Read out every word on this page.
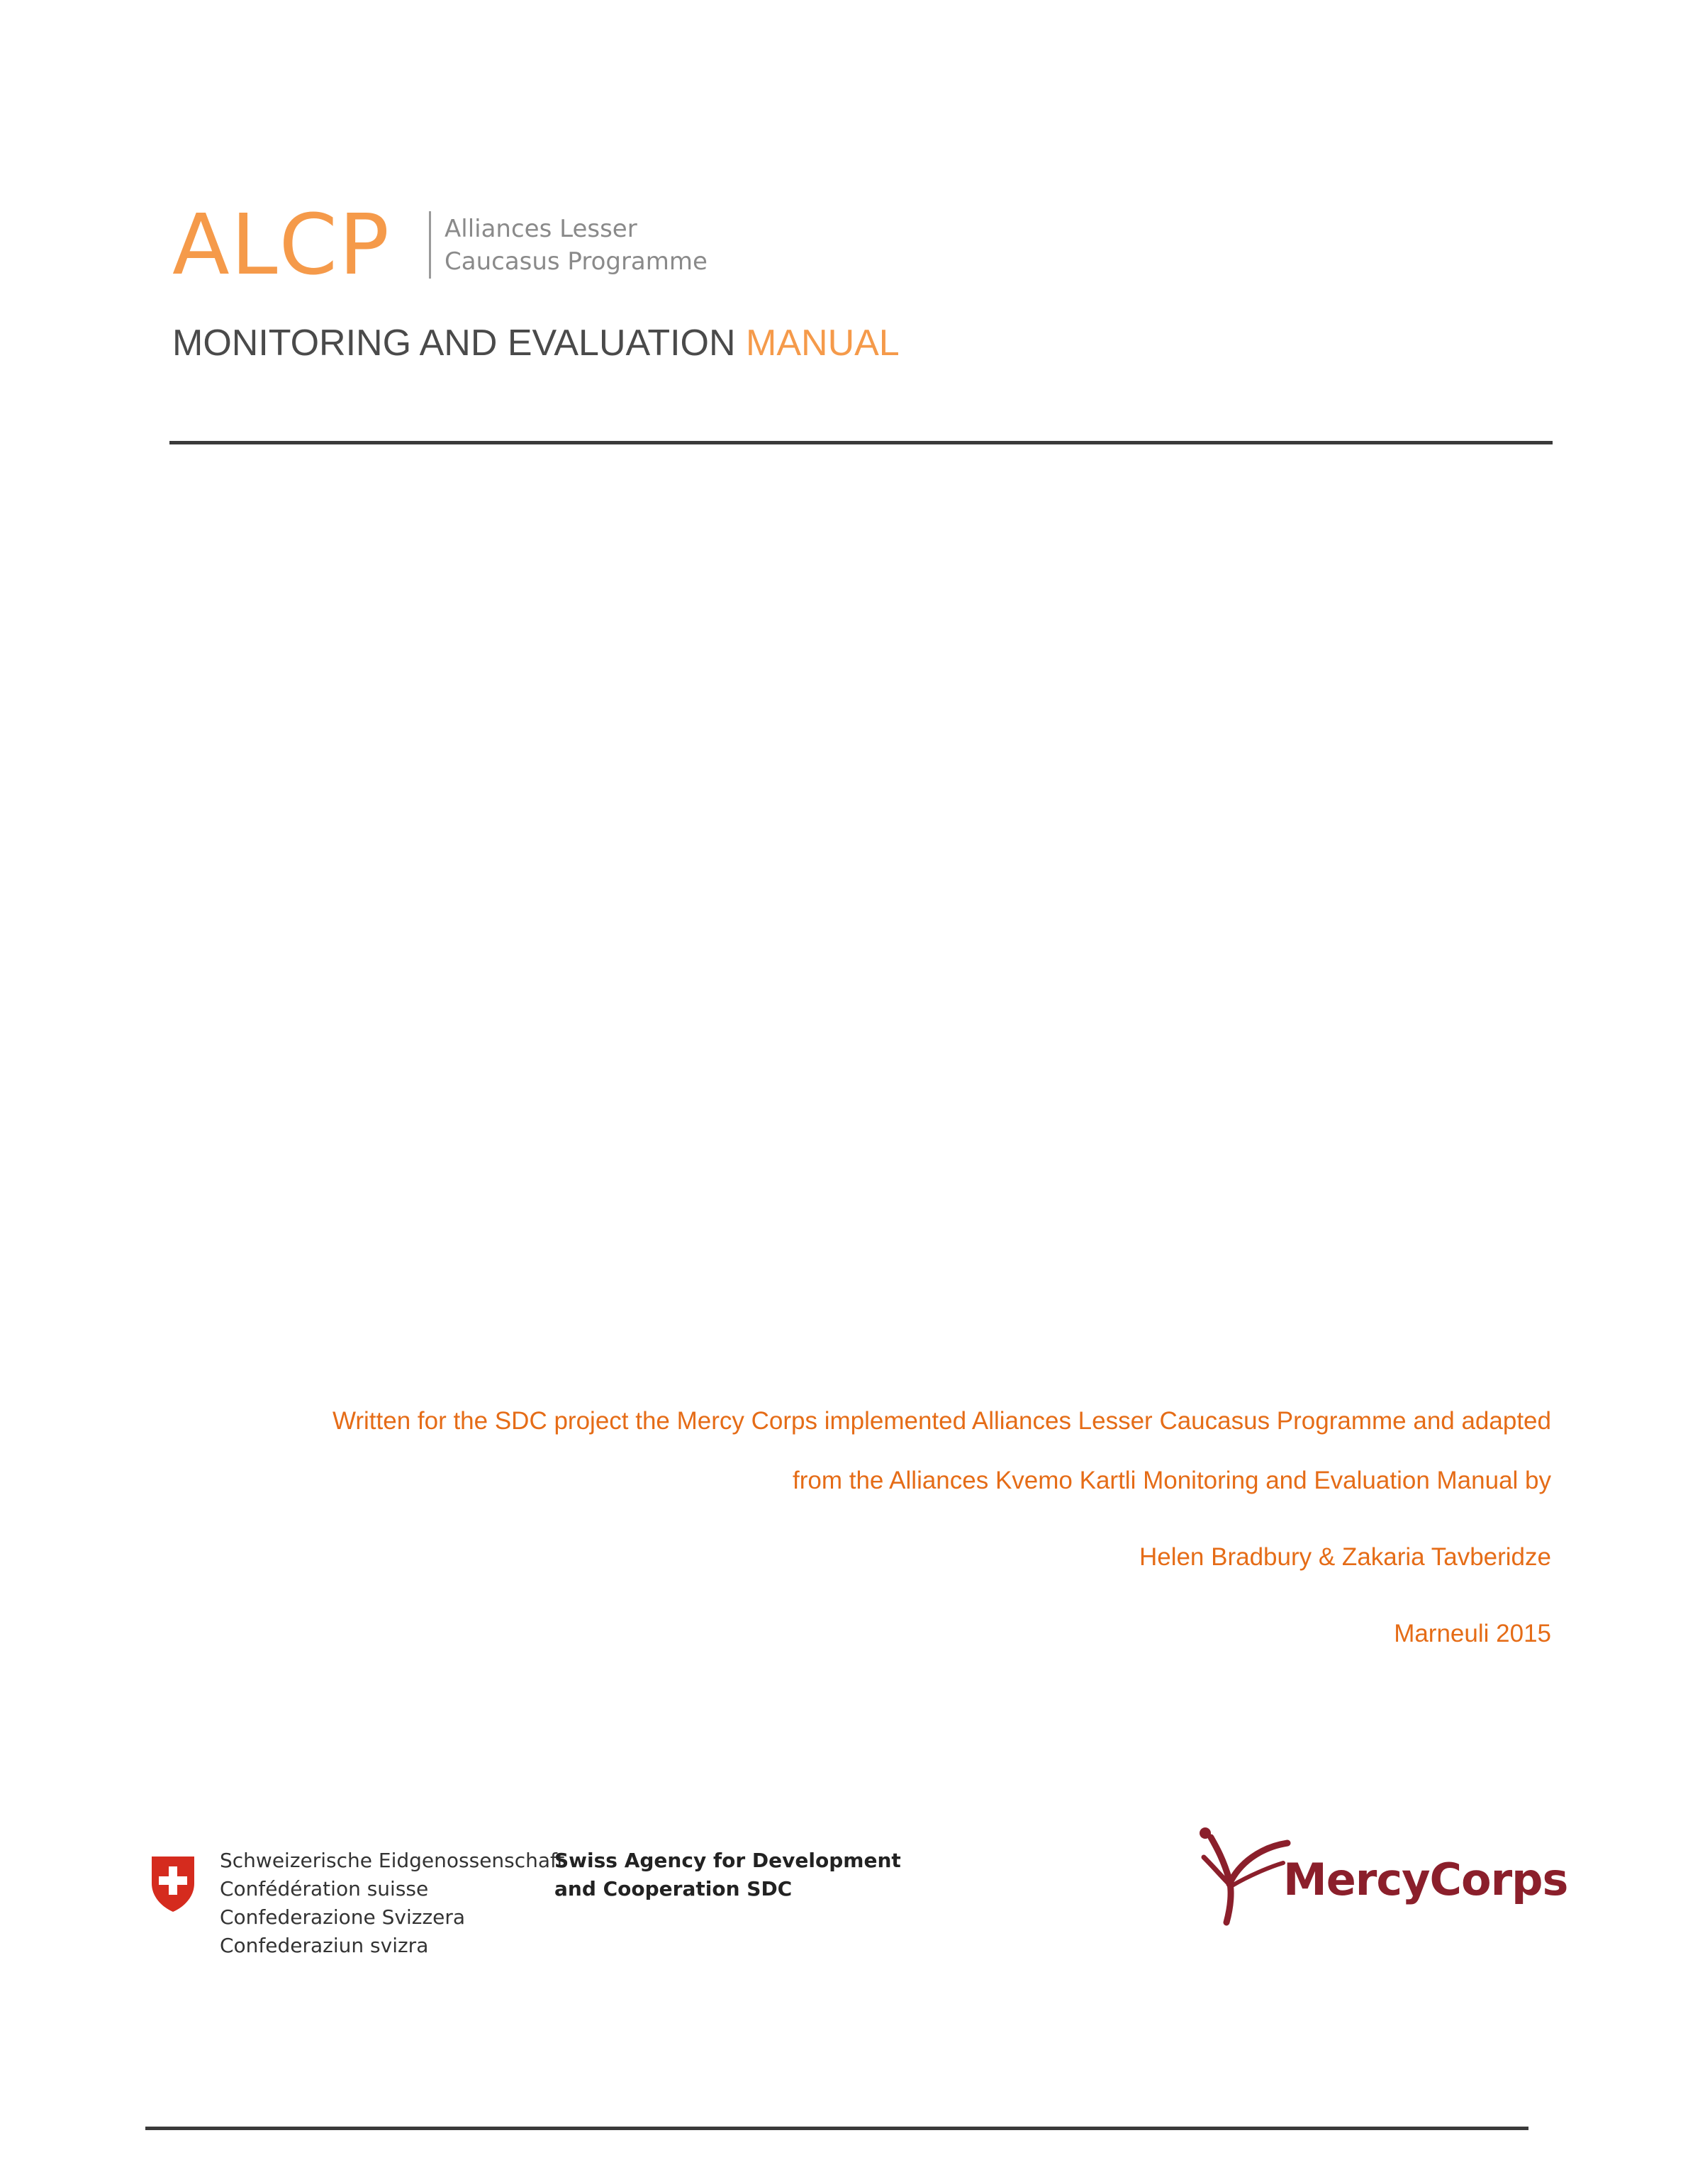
ALCP Alliances Lesser
Caucasus Programme
MONITORING AND EVALUATION MANUAL

Written for the SDC project the Mercy Corps implemented Alliances Lesser Caucasus Programme and adapted

from the Alliances Kvemo Kartli Monitoring and Evaluation Manual by

Helen Bradbury & Zakaria Tavberidze

Marneuli 2015

Schweizerische Eidgenossenschaft
Confédération suisse
Confederazione Svizzera
Confederaziun svizra
Swiss Agency for Development
and Cooperation SDC	MercyCorps
